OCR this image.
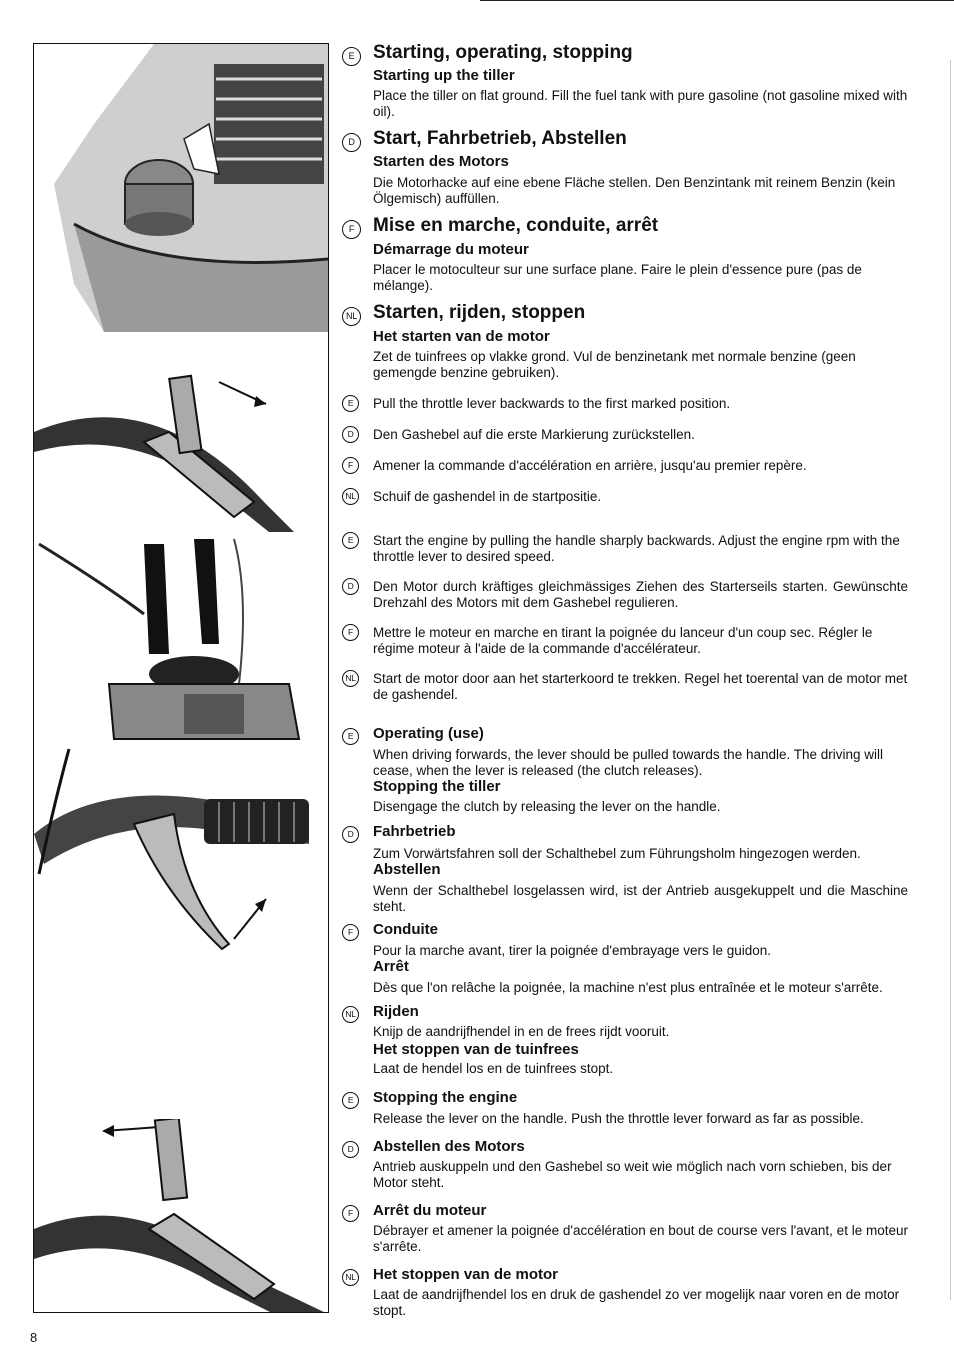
8
E Starting, operating, stopping
Starting up the tiller
Place the tiller on flat ground. Fill the fuel tank with pure gasoline (not gasoline mixed with oil).
D Start, Fahrbetrieb, Abstellen
Starten des Motors
Die Motorhacke auf eine ebene Fläche stellen. Den Benzintank mit reinem Benzin (kein Ölgemisch) auffüllen.
F Mise en marche, conduite, arrêt
Démarrage du moteur
Placer le motoculteur sur une surface plane. Faire le plein d'essence pure (pas de mélange).
NL Starten, rijden, stoppen
Het starten van de motor
Zet de tuinfrees op vlakke grond. Vul de benzinetank met normale benzine (geen gemengde benzine gebruiken).
E	Pull the throttle lever backwards to the first marked position.
D	Den Gashebel auf die erste Markierung zurückstellen.
F	Amener la commande d'accélération en arrière, jusqu'au premier repère.
NL Schuif de gashendel in de startpositie.
E	Start the engine by pulling the handle sharply backwards. Adjust the engine rpm with the throttle lever to desired speed.
D	Den Motor durch kräftiges gleichmässiges Ziehen des Starterseils starten. Gewünschte Drehzahl des Motors mit dem Gashebel regulieren.
F	Mettre le moteur en marche en tirant la poignée du lanceur d'un coup sec. Régler le régime moteur à l'aide de la commande d'accélérateur.
NL Start de motor door aan het starterkoord te trekken. Regel het toerental van de motor met de gashendel.
E	Operating (use)
When driving forwards, the lever should be pulled towards the handle. The driving will cease, when the lever is released (the clutch releases).
Stopping the tiller
Disengage the clutch by releasing the lever on the handle.
D	Fahrbetrieb
Zum Vorwärtsfahren soll der Schalthebel zum Führungsholm hingezogen werden.
Abstellen
Wenn der Schalthebel losgelassen wird, ist der Antrieb ausgekuppelt und die Maschine steht.
F	Conduite
Pour la marche avant, tirer la poignée d'embrayage vers le guidon.
Arrêt
Dès que l'on relâche la poignée, la machine n'est plus entraînée et le moteur s'arrête.
NL Rijden
Knijp de aandrijfhendel in en de frees rijdt vooruit.
Het stoppen van de tuinfrees
Laat de hendel los en de tuinfrees stopt.
E	Stopping the engine
Release the lever on the handle. Push the throttle lever forward as far as possible.
D	Abstellen des Motors
Antrieb auskuppeln und den Gashebel so weit wie möglich nach vorn schieben, bis der Motor steht.
F	Arrêt du moteur
Débrayer et amener la poignée d'accélération en bout de course vers l'avant, et le moteur s'arrête.
NL Het stoppen van de motor
Laat de aandrijfhendel los en druk de gashendel zo ver mogelijk naar voren en de motor stopt.
